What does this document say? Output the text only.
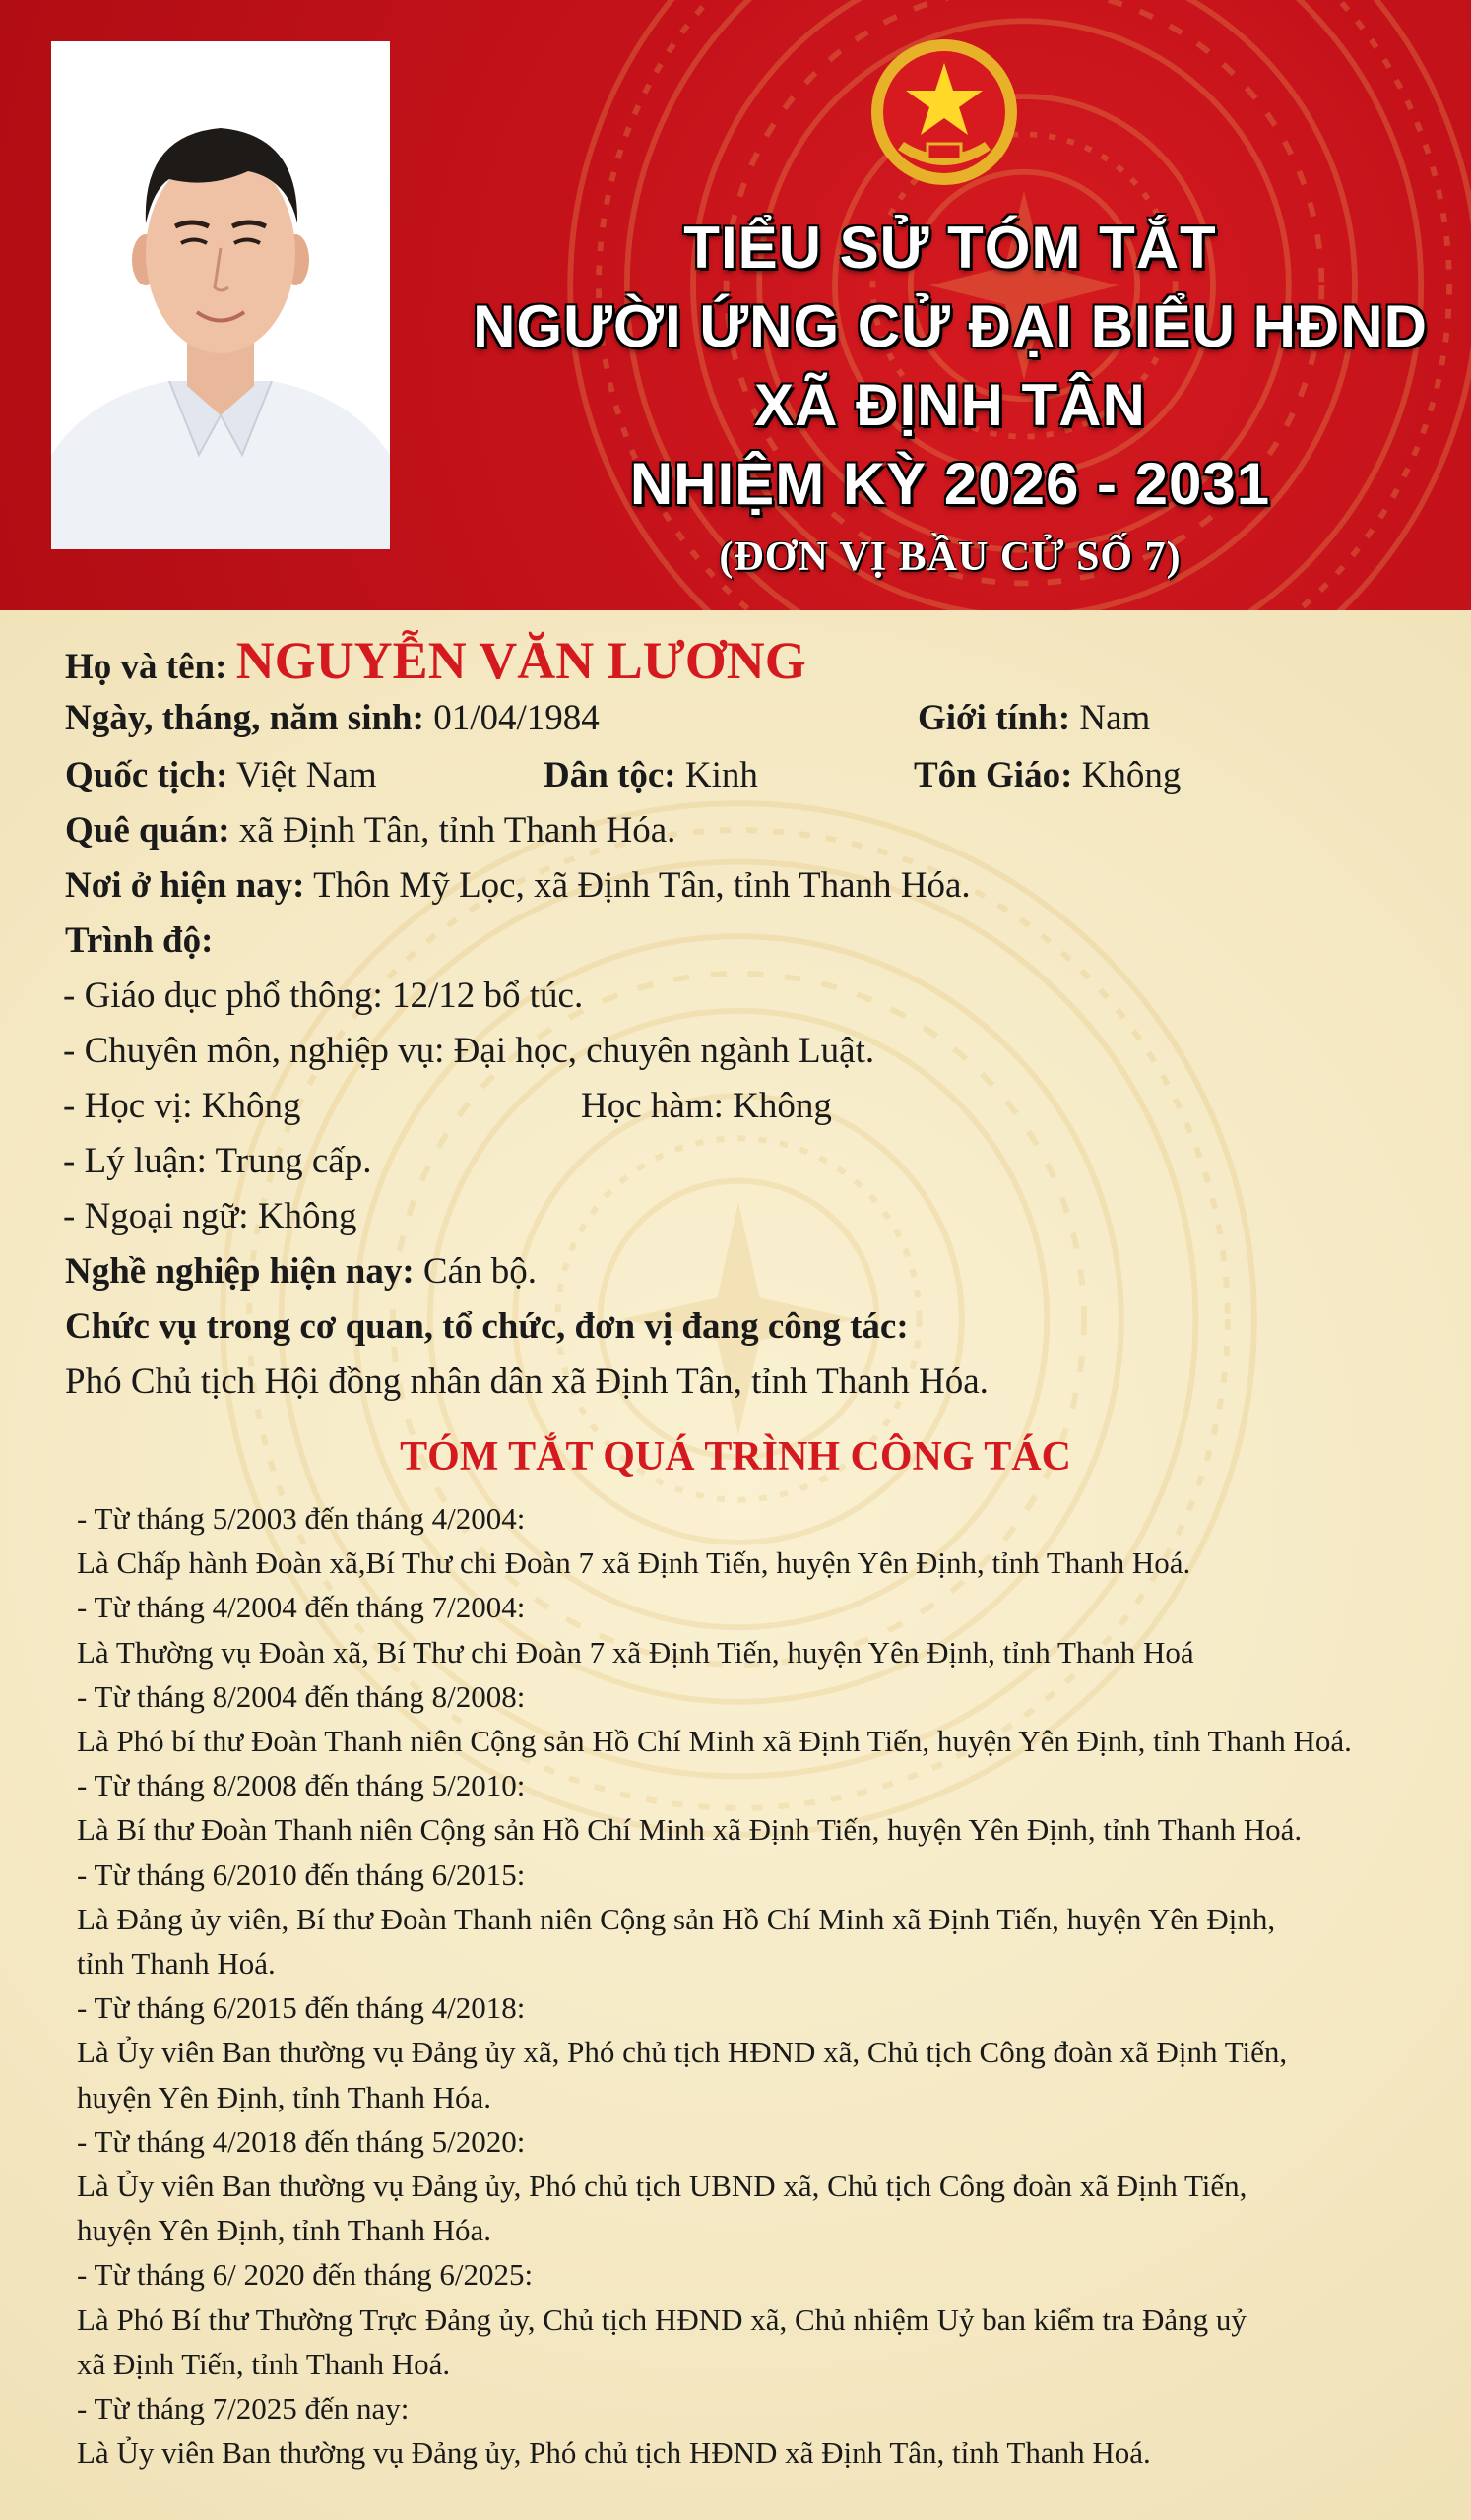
TIỂU SỬ TÓM TẮT
NGƯỜI ỨNG CỬ ĐẠI BIỂU HĐND
XÃ ĐỊNH TÂN
NHIỆM KỲ 2026 - 2031
(ĐƠN VỊ BẦU CỬ SỐ 7)
Họ và tên: NGUYỄN VĂN LƯƠNG
Ngày, tháng, năm sinh: 01/04/1984	Giới tính: Nam
Quốc tịch: Việt Nam	Dân tộc: Kinh	Tôn Giáo: Không
Quê quán: xã Định Tân, tỉnh Thanh Hóa.
Nơi ở hiện nay: Thôn Mỹ Lọc, xã Định Tân, tỉnh Thanh Hóa.
Trình độ:
- Giáo dục phổ thông: 12/12 bổ túc.
- Chuyên môn, nghiệp vụ: Đại học, chuyên ngành Luật.
- Học vị: Không	Học hàm: Không
- Lý luận: Trung cấp.
- Ngoại ngữ: Không
Nghề nghiệp hiện nay: Cán bộ.
Chức vụ trong cơ quan, tổ chức, đơn vị đang công tác:
Phó Chủ tịch Hội đồng nhân dân xã Định Tân, tỉnh Thanh Hóa.
TÓM TẮT QUÁ TRÌNH CÔNG TÁC
- Từ tháng 5/2003 đến tháng 4/2004:
Là Chấp hành Đoàn xã,Bí Thư chi Đoàn 7 xã Định Tiến, huyện Yên Định, tỉnh Thanh Hoá.
- Từ tháng 4/2004 đến tháng 7/2004:
Là Thường vụ Đoàn xã, Bí Thư chi Đoàn 7 xã Định Tiến, huyện Yên Định, tỉnh Thanh Hoá
- Từ tháng 8/2004 đến tháng 8/2008:
Là Phó bí thư Đoàn Thanh niên Cộng sản Hồ Chí Minh xã Định Tiến, huyện Yên Định, tỉnh Thanh Hoá.
- Từ tháng 8/2008 đến tháng 5/2010:
Là Bí thư Đoàn Thanh niên Cộng sản Hồ Chí Minh xã Định Tiến, huyện Yên Định, tỉnh Thanh Hoá.
- Từ tháng 6/2010 đến tháng 6/2015:
Là Đảng ủy viên, Bí thư Đoàn Thanh niên Cộng sản Hồ Chí Minh xã Định Tiến, huyện Yên Định,
tỉnh Thanh Hoá.
- Từ tháng 6/2015 đến tháng 4/2018:
Là Ủy viên Ban thường vụ Đảng ủy xã, Phó chủ tịch HĐND xã, Chủ tịch Công đoàn xã Định Tiến,
huyện Yên Định, tỉnh Thanh Hóa.
- Từ tháng 4/2018 đến tháng 5/2020:
Là Ủy viên Ban thường vụ Đảng ủy, Phó chủ tịch UBND xã, Chủ tịch Công đoàn xã Định Tiến,
huyện Yên Định, tỉnh Thanh Hóa.
- Từ tháng 6/ 2020 đến tháng 6/2025:
Là Phó Bí thư Thường Trực Đảng ủy, Chủ tịch HĐND xã, Chủ nhiệm Uỷ ban kiểm tra Đảng uỷ
xã Định Tiến, tỉnh Thanh Hoá.
- Từ tháng 7/2025 đến nay:
Là Ủy viên Ban thường vụ Đảng ủy, Phó chủ tịch HĐND xã Định Tân, tỉnh Thanh Hoá.
